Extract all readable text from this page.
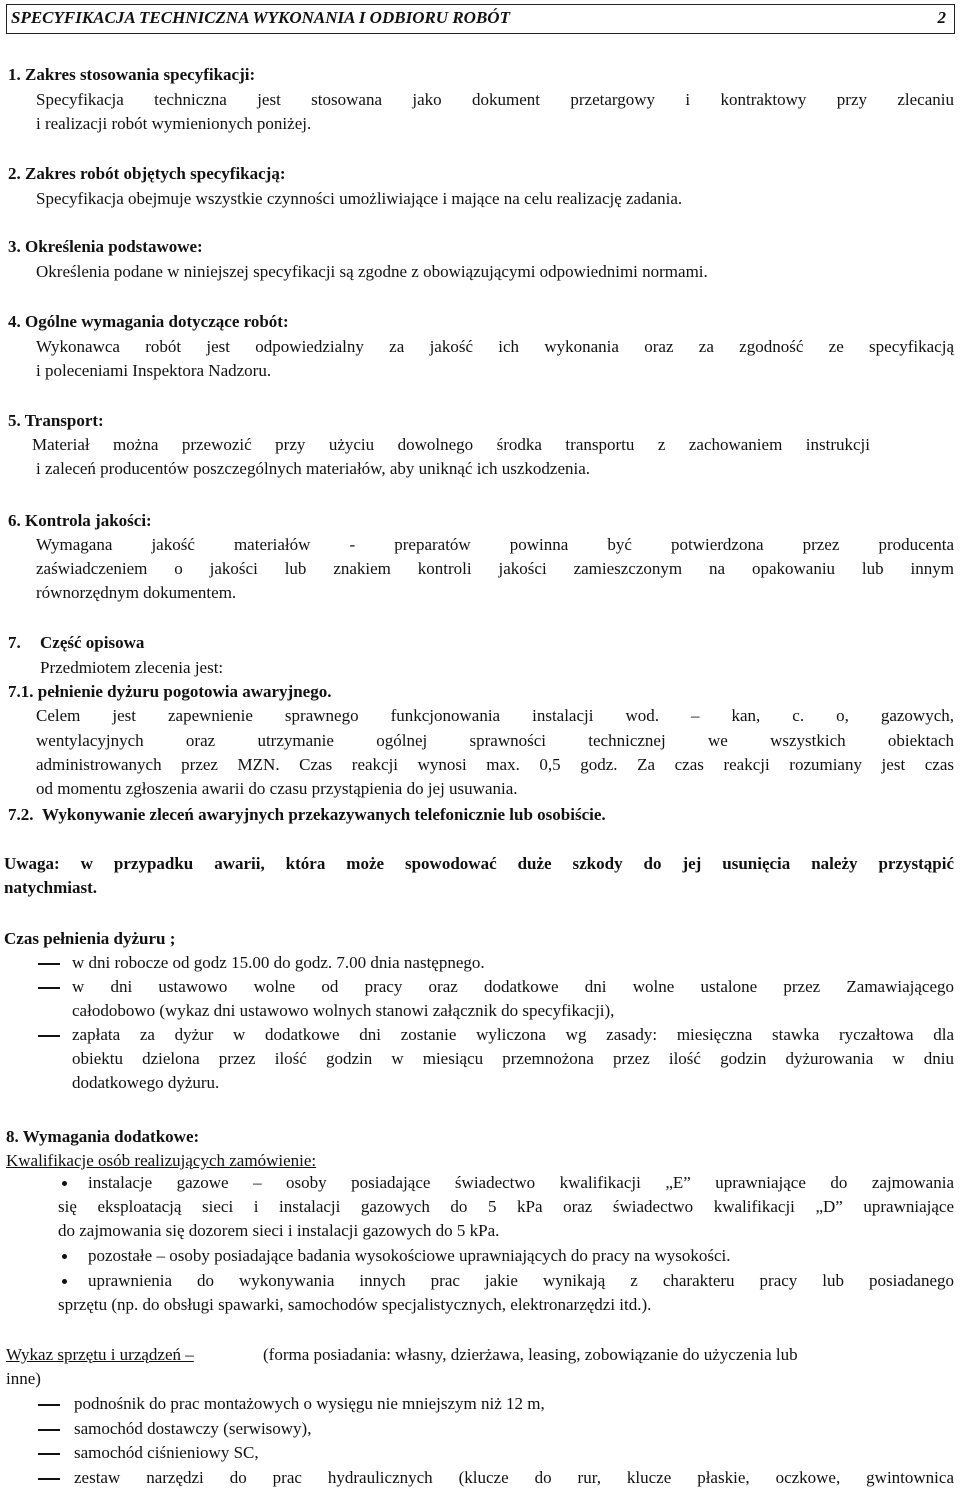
SPECYFIKACJA TECHNICZNA WYKONANIA I ODBIORU ROBÓT	2
1. Zakres stosowania specyfikacji:
Specyfikacja techniczna jest stosowana jako dokument przetargowy i kontraktowy przy zlecaniu
i realizacji robót wymienionych poniżej.
2. Zakres robót objętych specyfikacją:
Specyfikacja obejmuje wszystkie czynności umożliwiające i mające na celu realizację zadania.
3. Określenia podstawowe:
Określenia podane w niniejszej specyfikacji są zgodne z obowiązującymi odpowiednimi normami.
4. Ogólne wymagania dotyczące robót:
Wykonawca robót jest odpowiedzialny za jakość ich wykonania oraz za zgodność ze specyfikacją
i poleceniami Inspektora Nadzoru.
5. Transport:
Materiał można przewozić przy użyciu dowolnego środka transportu z zachowaniem instrukcji
i zaleceń producentów poszczególnych materiałów, aby uniknąć ich uszkodzenia.
6. Kontrola jakości:
Wymagana jakość materiałów - preparatów powinna być potwierdzona przez producenta
zaświadczeniem o jakości lub znakiem kontroli jakości zamieszczonym na opakowaniu lub innym
równorzędnym dokumentem.
7. Część opisowa
Przedmiotem zlecenia jest:
7.1. pełnienie dyżuru pogotowia awaryjnego.
Celem jest zapewnienie sprawnego funkcjonowania instalacji wod. – kan, c. o, gazowych,
wentylacyjnych oraz utrzymanie ogólnej sprawności technicznej we wszystkich obiektach
administrowanych przez MZN. Czas reakcji wynosi max. 0,5 godz. Za czas reakcji rozumiany jest czas
od momentu zgłoszenia awarii do czasu przystąpienia do jej usuwania.
7.2. Wykonywanie zleceń awaryjnych przekazywanych telefonicznie lub osobiście.
Uwaga: w przypadku awarii, która może spowodować duże szkody do jej usunięcia należy przystąpić
natychmiast.
Czas pełnienia dyżuru ;
w dni robocze od godz 15.00 do godz. 7.00 dnia następnego.
w dni ustawowo wolne od pracy oraz dodatkowe dni wolne ustalone przez Zamawiającego
całodobowo (wykaz dni ustawowo wolnych stanowi załącznik do specyfikacji),
zapłata za dyżur w dodatkowe dni zostanie wyliczona wg zasady: miesięczna stawka ryczałtowa dla
obiektu dzielona przez ilość godzin w miesiącu przemnożona przez ilość godzin dyżurowania w dniu
dodatkowego dyżuru.
8. Wymagania dodatkowe:
Kwalifikacje osób realizujących zamówienie:
instalacje gazowe – osoby posiadające świadectwo kwalifikacji „E” uprawniające do zajmowania
się eksploatacją sieci i instalacji gazowych do 5 kPa oraz świadectwo kwalifikacji „D” uprawniające
do zajmowania się dozorem sieci i instalacji gazowych do 5 kPa.
pozostałe – osoby posiadające badania wysokościowe uprawniających do pracy na wysokości.
uprawnienia do wykonywania innych prac jakie wynikają z charakteru pracy lub posiadanego
sprzętu (np. do obsługi spawarki, samochodów specjalistycznych, elektronarzędzi itd.).
Wykaz sprzętu i urządzeń –	(forma posiadania: własny, dzierżawa, leasing, zobowiązanie do użyczenia lub
inne)
podnośnik do prac montażowych o wysięgu nie mniejszym niż 12 m,
samochód dostawczy (serwisowy),
samochód ciśnieniowy SC,
zestaw narzędzi do prac hydraulicznych (klucze do rur, klucze płaskie, oczkowe, gwintownica
